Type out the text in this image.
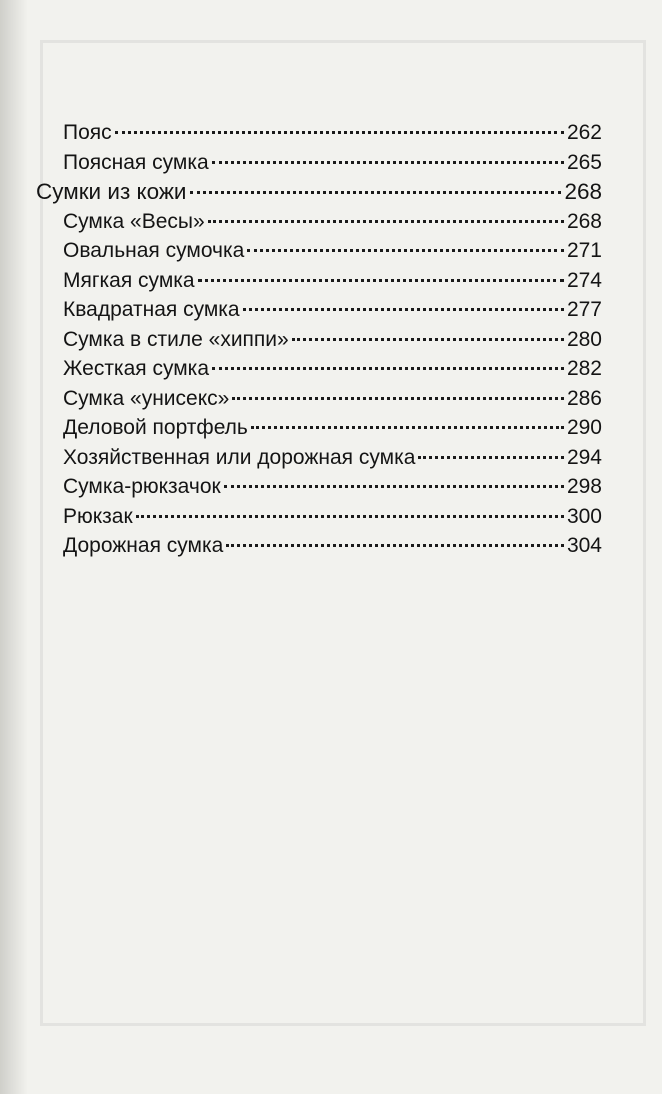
Пояс	262
Поясная сумка	265
Сумки из кожи	268
Сумка «Весы»	268
Овальная сумочка	271
Мягкая сумка	274
Квадратная сумка	277
Сумка в стиле «хиппи»	280
Жесткая сумка	282
Сумка «унисекс»	286
Деловой портфель	290
Хозяйственная или дорожная сумка	294
Сумка-рюкзачок	298
Рюкзак	300
Дорожная сумка	304
